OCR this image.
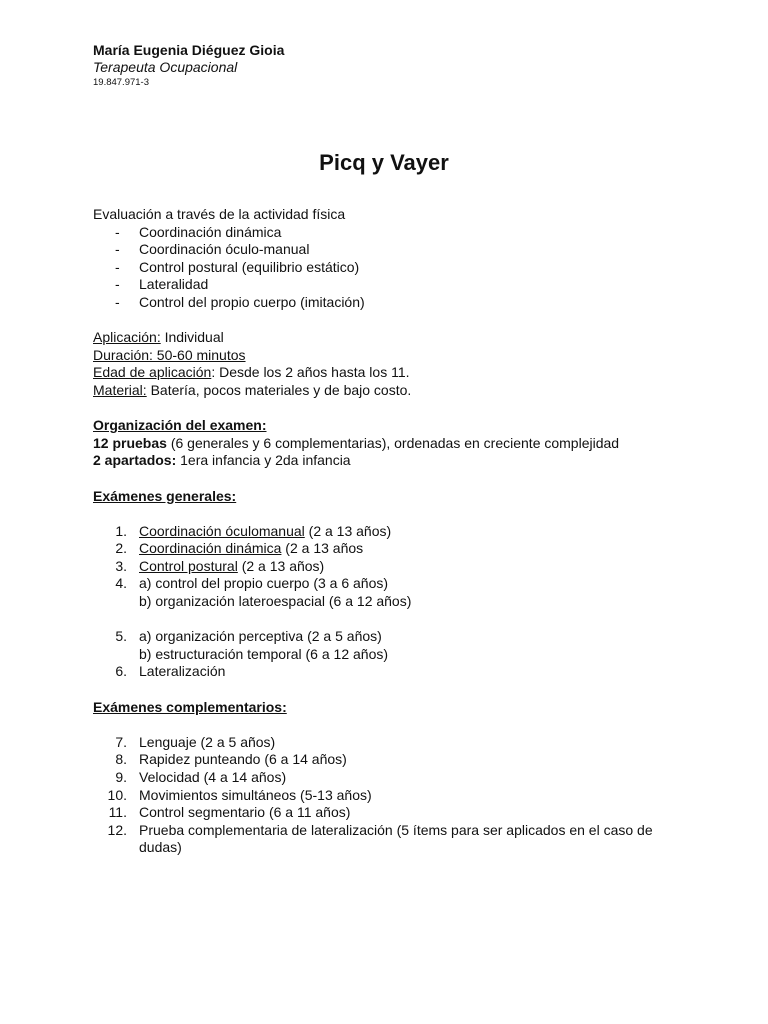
María Eugenia Diéguez Gioia
Terapeuta Ocupacional
19.847.971-3
Picq y Vayer
Evaluación a través de la actividad física
- Coordinación dinámica
- Coordinación óculo-manual
- Control postural (equilibrio estático)
- Lateralidad
- Control del propio cuerpo (imitación)
Aplicación: Individual
Duración: 50-60 minutos
Edad de aplicación: Desde los 2 años hasta los 11.
Material: Batería, pocos materiales y de bajo costo.
Organización del examen:
12 pruebas (6 generales y 6 complementarias), ordenadas en creciente complejidad
2 apartados: 1era infancia y 2da infancia
Exámenes generales:
1. Coordinación óculomanual (2 a 13 años)
2. Coordinación dinámica (2 a 13 años
3. Control postural (2 a 13 años)
4. a) control del propio cuerpo (3 a 6 años)
b) organización lateroespacial (6 a 12 años)
5. a) organización perceptiva (2 a 5 años)
b) estructuración temporal (6 a 12 años)
6. Lateralización
Exámenes complementarios:
7. Lenguaje (2 a 5 años)
8. Rapidez punteando (6 a 14 años)
9. Velocidad (4 a 14 años)
10. Movimientos simultáneos (5-13 años)
11. Control segmentario (6 a 11 años)
12. Prueba complementaria de lateralización (5 ítems para ser aplicados en el caso de dudas)
